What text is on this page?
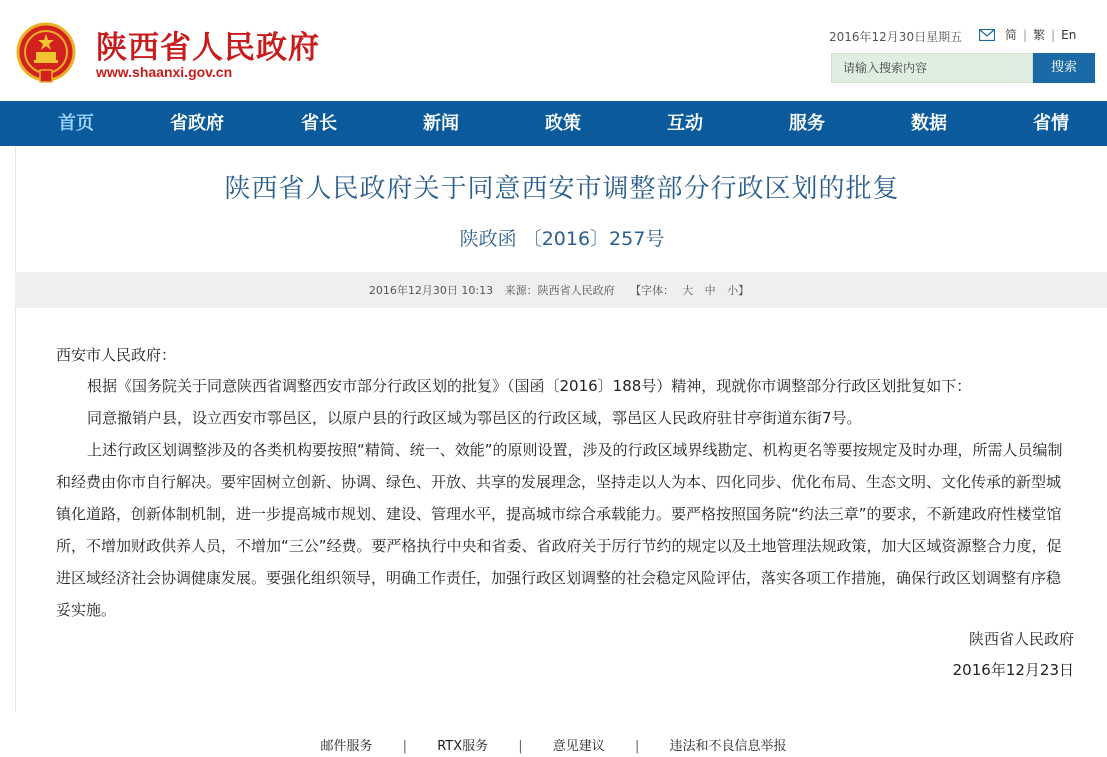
陕西省人民政府
www.shaanxi.gov.cn
2016年12月30日星期五	简 | 繁 | En
请输入搜索内容	搜索
首页	省政府	省长	新闻	政策	互动	服务	数据	省情
陕西省人民政府关于同意西安市调整部分行政区划的批复
陕政函 〔2016〕257号
2016年12月30日 10:13 来源：陕西省人民政府 【字体： 大 中 小】
西安市人民政府：

根据《国务院关于同意陕西省调整西安市部分行政区划的批复》（国函〔2016〕188号）精神，现就你市调整部分行政区划批复如下：

同意撤销户县，设立西安市鄠邑区，以原户县的行政区域为鄠邑区的行政区域，鄠邑区人民政府驻甘亭街道东街7号。

上述行政区划调整涉及的各类机构要按照“精简、统一、效能”的原则设置，涉及的行政区域界线勘定、机构更名等要按规定及时办理，所需人员编制和经费由你市自行解决。要牢固树立创新、协调、绿色、开放、共享的发展理念，坚持走以人为本、四化同步、优化布局、生态文明、文化传承的新型城镇化道路，创新体制机制，进一步提高城市规划、建设、管理水平，提高城市综合承载能力。要严格按照国务院“约法三章”的要求，不新建政府性楼堂馆所，不增加财政供养人员，不增加“三公”经费。要严格执行中央和省委、省政府关于厉行节约的规定以及土地管理法规政策，加大区域资源整合力度，促进区域经济社会协调健康发展。要强化组织领导，明确工作责任，加强行政区划调整的社会稳定风险评估，落实各项工作措施，确保行政区划调整有序稳妥实施。

陕西省人民政府
2016年12月23日
邮件服务 | RTX服务 | 意见建议 | 违法和不良信息举报
